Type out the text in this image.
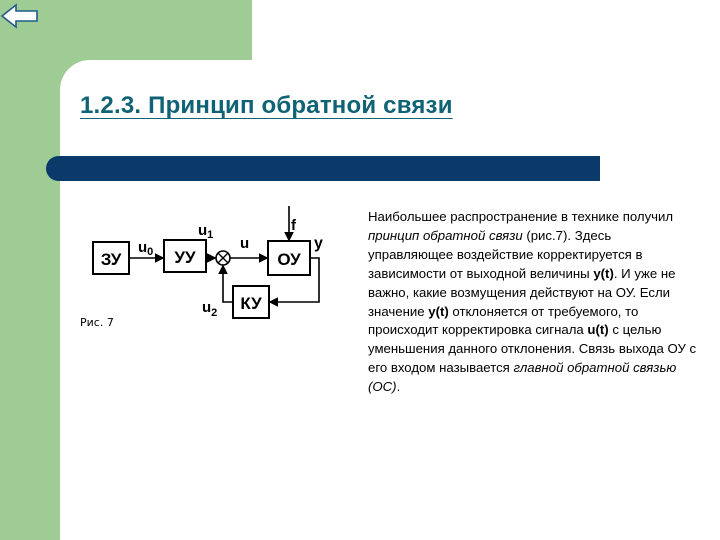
1.2.3. Принцип обратной связи
ЗУ	УУ	ОУ
КУ
$u_0$
$u_1$ u
f
у
$u_2$
Рис. 7
Наибольшее распространение в технике получил принцип обратной связи (рис.7). Здесь управляющее воздействие корректируется в зависимости от выходной величины y(t). И уже не важно, какие возмущения действуют на ОУ. Если значение y(t) отклоняется от требуемого, то происходит корректировка сигнала u(t) с целью уменьшения данного отклонения. Связь выхода ОУ с его входом называется главной обратной связью (ОС).
